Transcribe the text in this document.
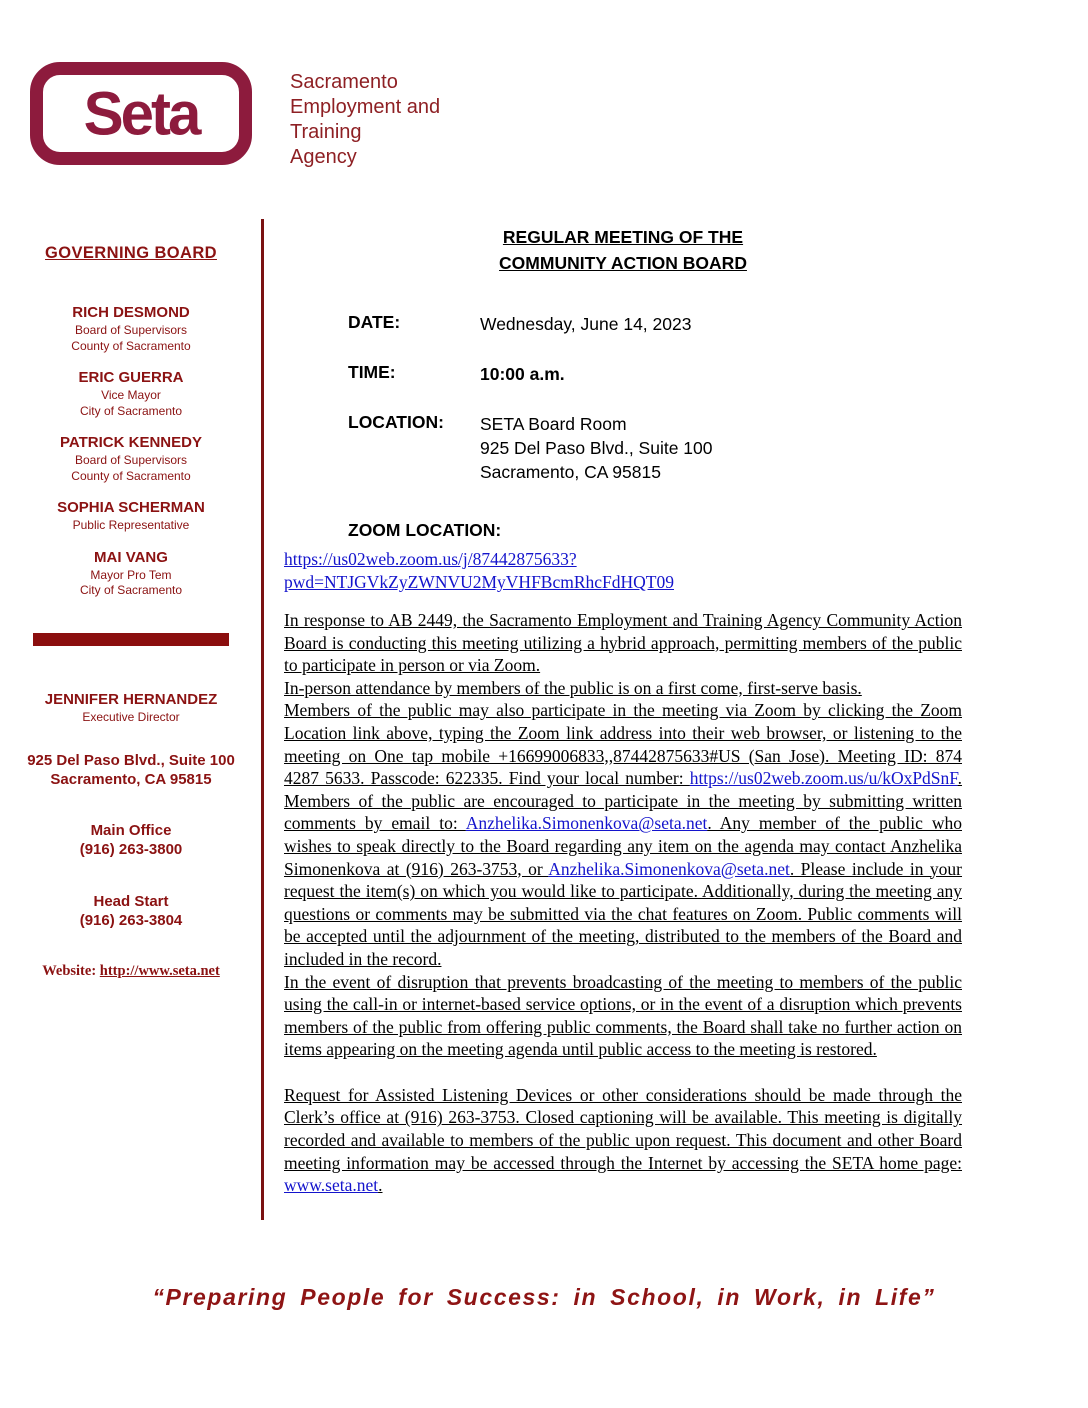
Seta	Sacramento
Employment and
Training
Agency
GOVERNING BOARD
RICH DESMOND
Board of Supervisors
County of Sacramento
ERIC GUERRA
Vice Mayor
City of Sacramento
PATRICK KENNEDY
Board of Supervisors
County of Sacramento
SOPHIA SCHERMAN
Public Representative
MAI VANG
Mayor Pro Tem
City of Sacramento
JENNIFER HERNANDEZ
Executive Director
925 Del Paso Blvd., Suite 100
Sacramento, CA 95815
Main Office
(916) 263-3800
Head Start
(916) 263-3804
Website: http://www.seta.net
REGULAR MEETING OF THE
COMMUNITY ACTION BOARD
DATE:	Wednesday, June 14, 2023
TIME:	10:00 a.m.
LOCATION:	SETA Board Room
925 Del Paso Blvd., Suite 100
Sacramento, CA 95815
ZOOM LOCATION:
https://us02web.zoom.us/j/87442875633?pwd=NTJGVkZyZWNVU2MyVHFBcmRhcFdHQT09

In response to AB 2449, the Sacramento Employment and Training Agency Community Action Board is conducting this meeting utilizing a hybrid approach, permitting members of the public to participate in person or via Zoom.

In-person attendance by members of the public is on a first come, first-serve basis.

Members of the public may also participate in the meeting via Zoom by clicking the Zoom Location link above, typing the Zoom link address into their web browser, or listening to the meeting on One tap mobile +16699006833,,87442875633#US (San Jose). Meeting ID: 874 4287 5633. Passcode: 622335. Find your local number: https://us02web.zoom.us/u/kOxPdSnF. Members of the public are encouraged to participate in the meeting by submitting written comments by email to: Anzhelika.Simonenkova@seta.net. Any member of the public who wishes to speak directly to the Board regarding any item on the agenda may contact Anzhelika Simonenkova at (916) 263-3753, or Anzhelika.Simonenkova@seta.net. Please include in your request the item(s) on which you would like to participate. Additionally, during the meeting any questions or comments may be submitted via the chat features on Zoom. Public comments will be accepted until the adjournment of the meeting, distributed to the members of the Board and included in the record.

In the event of disruption that prevents broadcasting of the meeting to members of the public using the call-in or internet-based service options, or in the event of a disruption which prevents members of the public from offering public comments, the Board shall take no further action on items appearing on the meeting agenda until public access to the meeting is restored.

Request for Assisted Listening Devices or other considerations should be made through the Clerk’s office at (916) 263-3753. Closed captioning will be available. This meeting is digitally recorded and available to members of the public upon request. This document and other Board meeting information may be accessed through the Internet by accessing the SETA home page: www.seta.net.

“Preparing People for Success: in School, in Work, in Life”
